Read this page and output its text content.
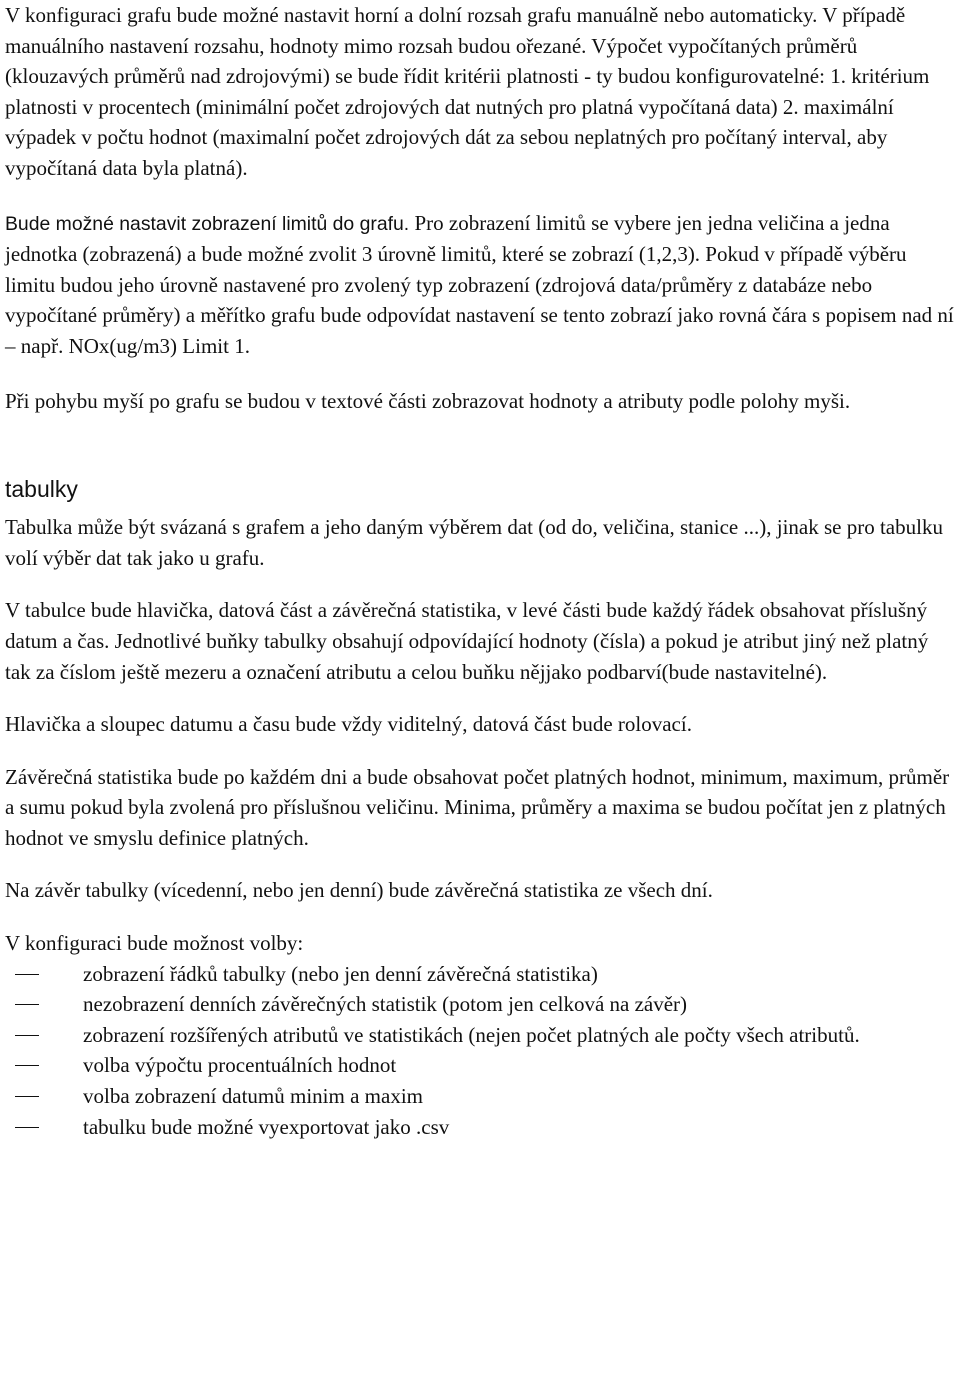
V konfiguraci grafu bude možné nastavit horní a dolní rozsah grafu manuálně nebo automaticky. V případě manuálního nastavení rozsahu, hodnoty mimo rozsah budou ořezané. Výpočet vypočítaných průměrů (klouzavých průměrů nad zdrojovými) se bude řídit kritérii platnosti - ty budou konfigurovatelné: 1. kritérium platnosti v procentech (minimální počet zdrojových dat nutných pro platná vypočítaná data) 2. maximální výpadek v počtu hodnot (maximalní počet zdrojových dát za sebou neplatných pro počítaný interval, aby vypočítaná data byla platná).

Bude možné nastavit zobrazení limitů do grafu. Pro zobrazení limitů se vybere jen jedna veličina a jedna jednotka (zobrazená) a bude možné zvolit 3 úrovně limitů, které se zobrazí (1,2,3). Pokud v případě výběru limitu budou jeho úrovně nastavené pro zvolený typ zobrazení (zdrojová data/průměry z databáze nebo vypočítané průměry) a měřítko grafu bude odpovídat nastavení se tento zobrazí jako rovná čára s popisem nad ní – např. NOx(ug/m3) Limit 1.

Při pohybu myší po grafu se budou v textové části zobrazovat hodnoty a atributy podle polohy myši.

tabulky

Tabulka může být svázaná s grafem a jeho daným výběrem dat (od do, veličina, stanice ...), jinak se pro tabulku volí výběr dat tak jako u grafu.

V tabulce bude hlavička, datová část a závěrečná statistika, v levé části bude každý řádek obsahovat příslušný datum a čas. Jednotlivé buňky tabulky obsahují odpovídající hodnoty (čísla) a pokud je atribut jiný než platný tak za číslom ještě mezeru a označení atributu a celou buňku nějjako podbarví(bude nastavitelné).

Hlavička a sloupec datumu a času bude vždy viditelný, datová část bude rolovací.

Závěrečná statistika bude po každém dni a bude obsahovat počet platných hodnot, minimum, maximum, průměr a sumu pokud byla zvolená pro příslušnou veličinu. Minima, průměry a maxima se budou počítat jen z platných hodnot ve smyslu definice platných.

Na závěr tabulky (vícedenní, nebo jen denní) bude závěrečná statistika ze všech dní.

V konfiguraci bude možnost volby:

zobrazení řádků tabulky (nebo jen denní závěrečná statistika)
nezobrazení denních závěrečných statistik (potom jen celková na závěr)
zobrazení rozšířených atributů ve statistikách (nejen počet platných ale počty všech atributů.
volba výpočtu procentuálních hodnot
volba zobrazení datumů minim a maxim
tabulku bude možné vyexportovat jako .csv
